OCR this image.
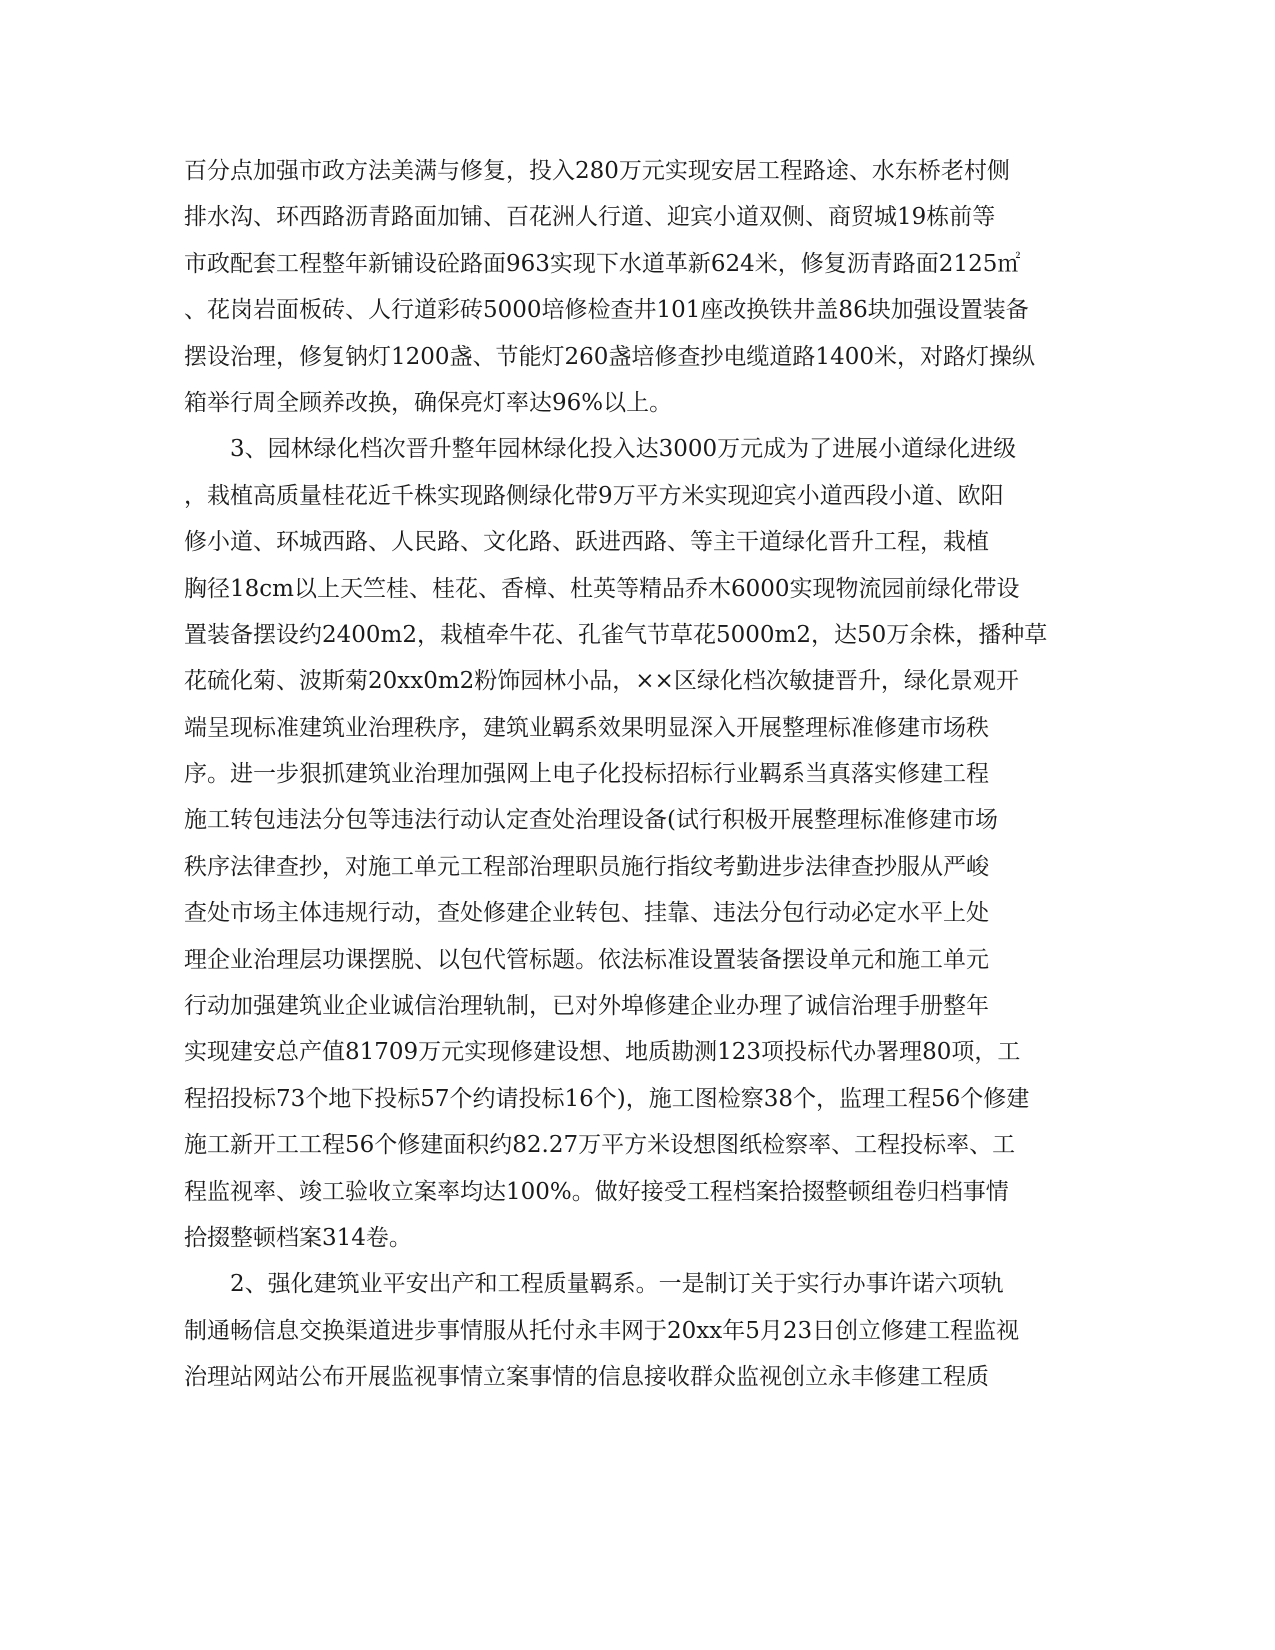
百分点加强市政方法美满与修复，投入280万元实现安居工程路途、水东桥老村侧
排水沟、环西路沥青路面加铺、百花洲人行道、迎宾小道双侧、商贸城19栋前等
市政配套工程整年新铺设砼路面963实现下水道革新624米，修复沥青路面2125㎡
、花岗岩面板砖、人行道彩砖5000培修检查井101座改换铁井盖86块加强设置装备
摆设治理，修复钠灯1200盏、节能灯260盏培修查抄电缆道路1400米，对路灯操纵
箱举行周全顾养改换，确保亮灯率达96%以上。
3、园林绿化档次晋升整年园林绿化投入达3000万元成为了进展小道绿化进级
，栽植高质量桂花近千株实现路侧绿化带9万平方米实现迎宾小道西段小道、欧阳
修小道、环城西路、人民路、文化路、跃进西路、等主干道绿化晋升工程，栽植
胸径18cm以上天竺桂、桂花、香樟、杜英等精品乔木6000实现物流园前绿化带设
置装备摆设约2400m2，栽植牵牛花、孔雀气节草花5000m2，达50万余株，播种草
花硫化菊、波斯菊20xx0m2粉饰园林小品，××区绿化档次敏捷晋升，绿化景观开
端呈现标准建筑业治理秩序，建筑业羁系效果明显深入开展整理标准修建市场秩
序。进一步狠抓建筑业治理加强网上电子化投标招标行业羁系当真落实修建工程
施工转包违法分包等违法行动认定查处治理设备(试行积极开展整理标准修建市场
秩序法律查抄，对施工单元工程部治理职员施行指纹考勤进步法律查抄服从严峻
查处市场主体违规行动，查处修建企业转包、挂靠、违法分包行动必定水平上处
理企业治理层功课摆脱、以包代管标题。依法标准设置装备摆设单元和施工单元
行动加强建筑业企业诚信治理轨制，已对外埠修建企业办理了诚信治理手册整年
实现建安总产值81709万元实现修建设想、地质勘测123项投标代办署理80项，工
程招投标73个地下投标57个约请投标16个)，施工图检察38个，监理工程56个修建
施工新开工工程56个修建面积约82.27万平方米设想图纸检察率、工程投标率、工
程监视率、竣工验收立案率均达100%。做好接受工程档案拾掇整顿组卷归档事情
拾掇整顿档案314卷。
2、强化建筑业平安出产和工程质量羁系。一是制订关于实行办事许诺六项轨
制通畅信息交换渠道进步事情服从托付永丰网于20xx年5月23日创立修建工程监视
治理站网站公布开展监视事情立案事情的信息接收群众监视创立永丰修建工程质
